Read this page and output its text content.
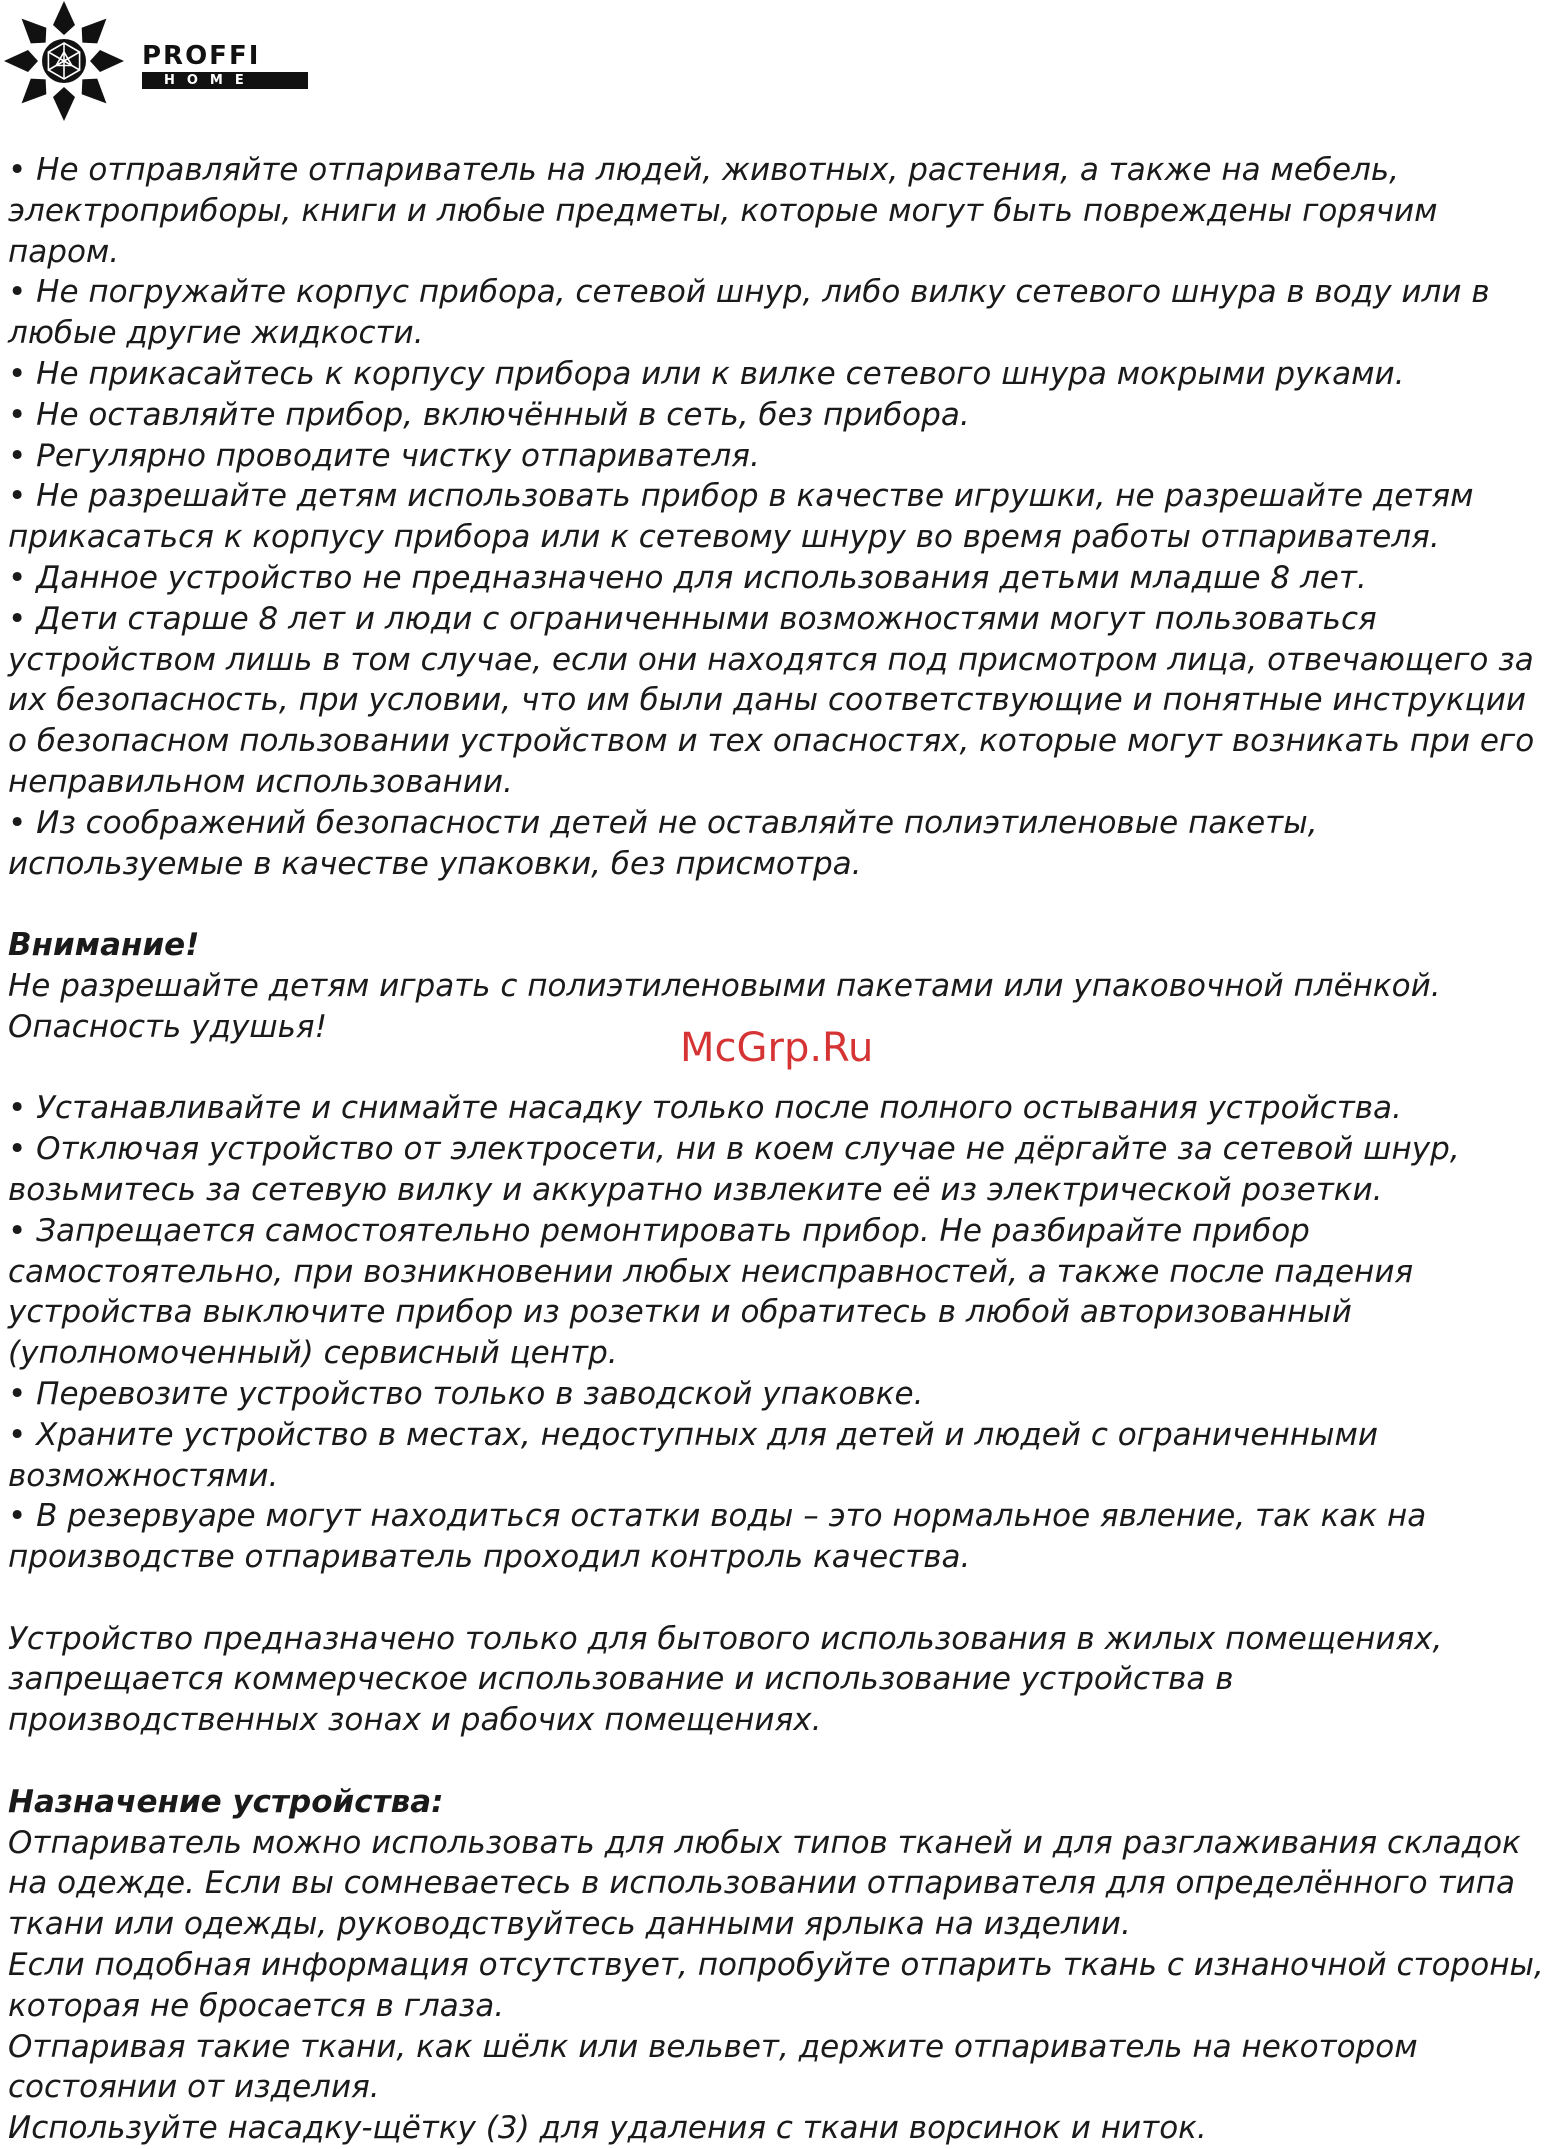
PROFFI
HOME

• Не отправляйте отпариватель на людей, животных, растения, а также на мебель, электроприборы, книги и любые предметы, которые могут быть повреждены горячим паром.

• Не погружайте корпус прибора, сетевой шнур, либо вилку сетевого шнура в воду или в любые другие жидкости.

• Не прикасайтесь к корпусу прибора или к вилке сетевого шнура мокрыми руками.

• Не оставляйте прибор, включённый в сеть, без прибора.

• Регулярно проводите чистку отпаривателя.

• Не разрешайте детям использовать прибор в качестве игрушки, не разрешайте детям прикасаться к корпусу прибора или к сетевому шнуру во время работы отпаривателя.

• Данное устройство не предназначено для использования детьми младше 8 лет.

• Дети старше 8 лет и люди с ограниченными возможностями могут пользоваться устройством лишь в том случае, если они находятся под присмотром лица, отвечающего за их безопасность, при условии, что им были даны соответствующие и понятные инструкции о безопасном пользовании устройством и тех опасностях, которые могут возникать при его неправильном использовании.

• Из соображений безопасности детей не оставляйте полиэтиленовые пакеты, используемые в качестве упаковки, без присмотра.

Внимание!

Не разрешайте детям играть с полиэтиленовыми пакетами или упаковочной плёнкой. Опасность удушья!

• Устанавливайте и снимайте насадку только после полного остывания устройства.

• Отключая устройство от электросети, ни в коем случае не дёргайте за сетевой шнур, возьмитесь за сетевую вилку и аккуратно извлеките её из электрической розетки.

• Запрещается самостоятельно ремонтировать прибор. Не разбирайте прибор самостоятельно, при возникновении любых неисправностей, а также после падения устройства выключите прибор из розетки и обратитесь в любой авторизованный (уполномоченный) сервисный центр.

• Перевозите устройство только в заводской упаковке.

• Храните устройство в местах, недоступных для детей и людей с ограниченными возможностями.

• В резервуаре могут находиться остатки воды – это нормальное явление, так как на производстве отпариватель проходил контроль качества.

Устройство предназначено только для бытового использования в жилых помещениях, запрещается коммерческое использование и использование устройства в производственных зонах и рабочих помещениях.

Назначение устройства:

Отпариватель можно использовать для любых типов тканей и для разглаживания складок на одежде. Если вы сомневаетесь в использовании отпаривателя для определённого типа ткани или одежды, руководствуйтесь данными ярлыка на изделии.

Если подобная информация отсутствует, попробуйте отпарить ткань с изнаночной стороны, которая не бросается в глаза.

Отпаривая такие ткани, как шёлк или вельвет, держите отпариватель на некотором состоянии от изделия.

Используйте насадку-щётку (3) для удаления с ткани ворсинок и ниток.

McGrp.Ru
